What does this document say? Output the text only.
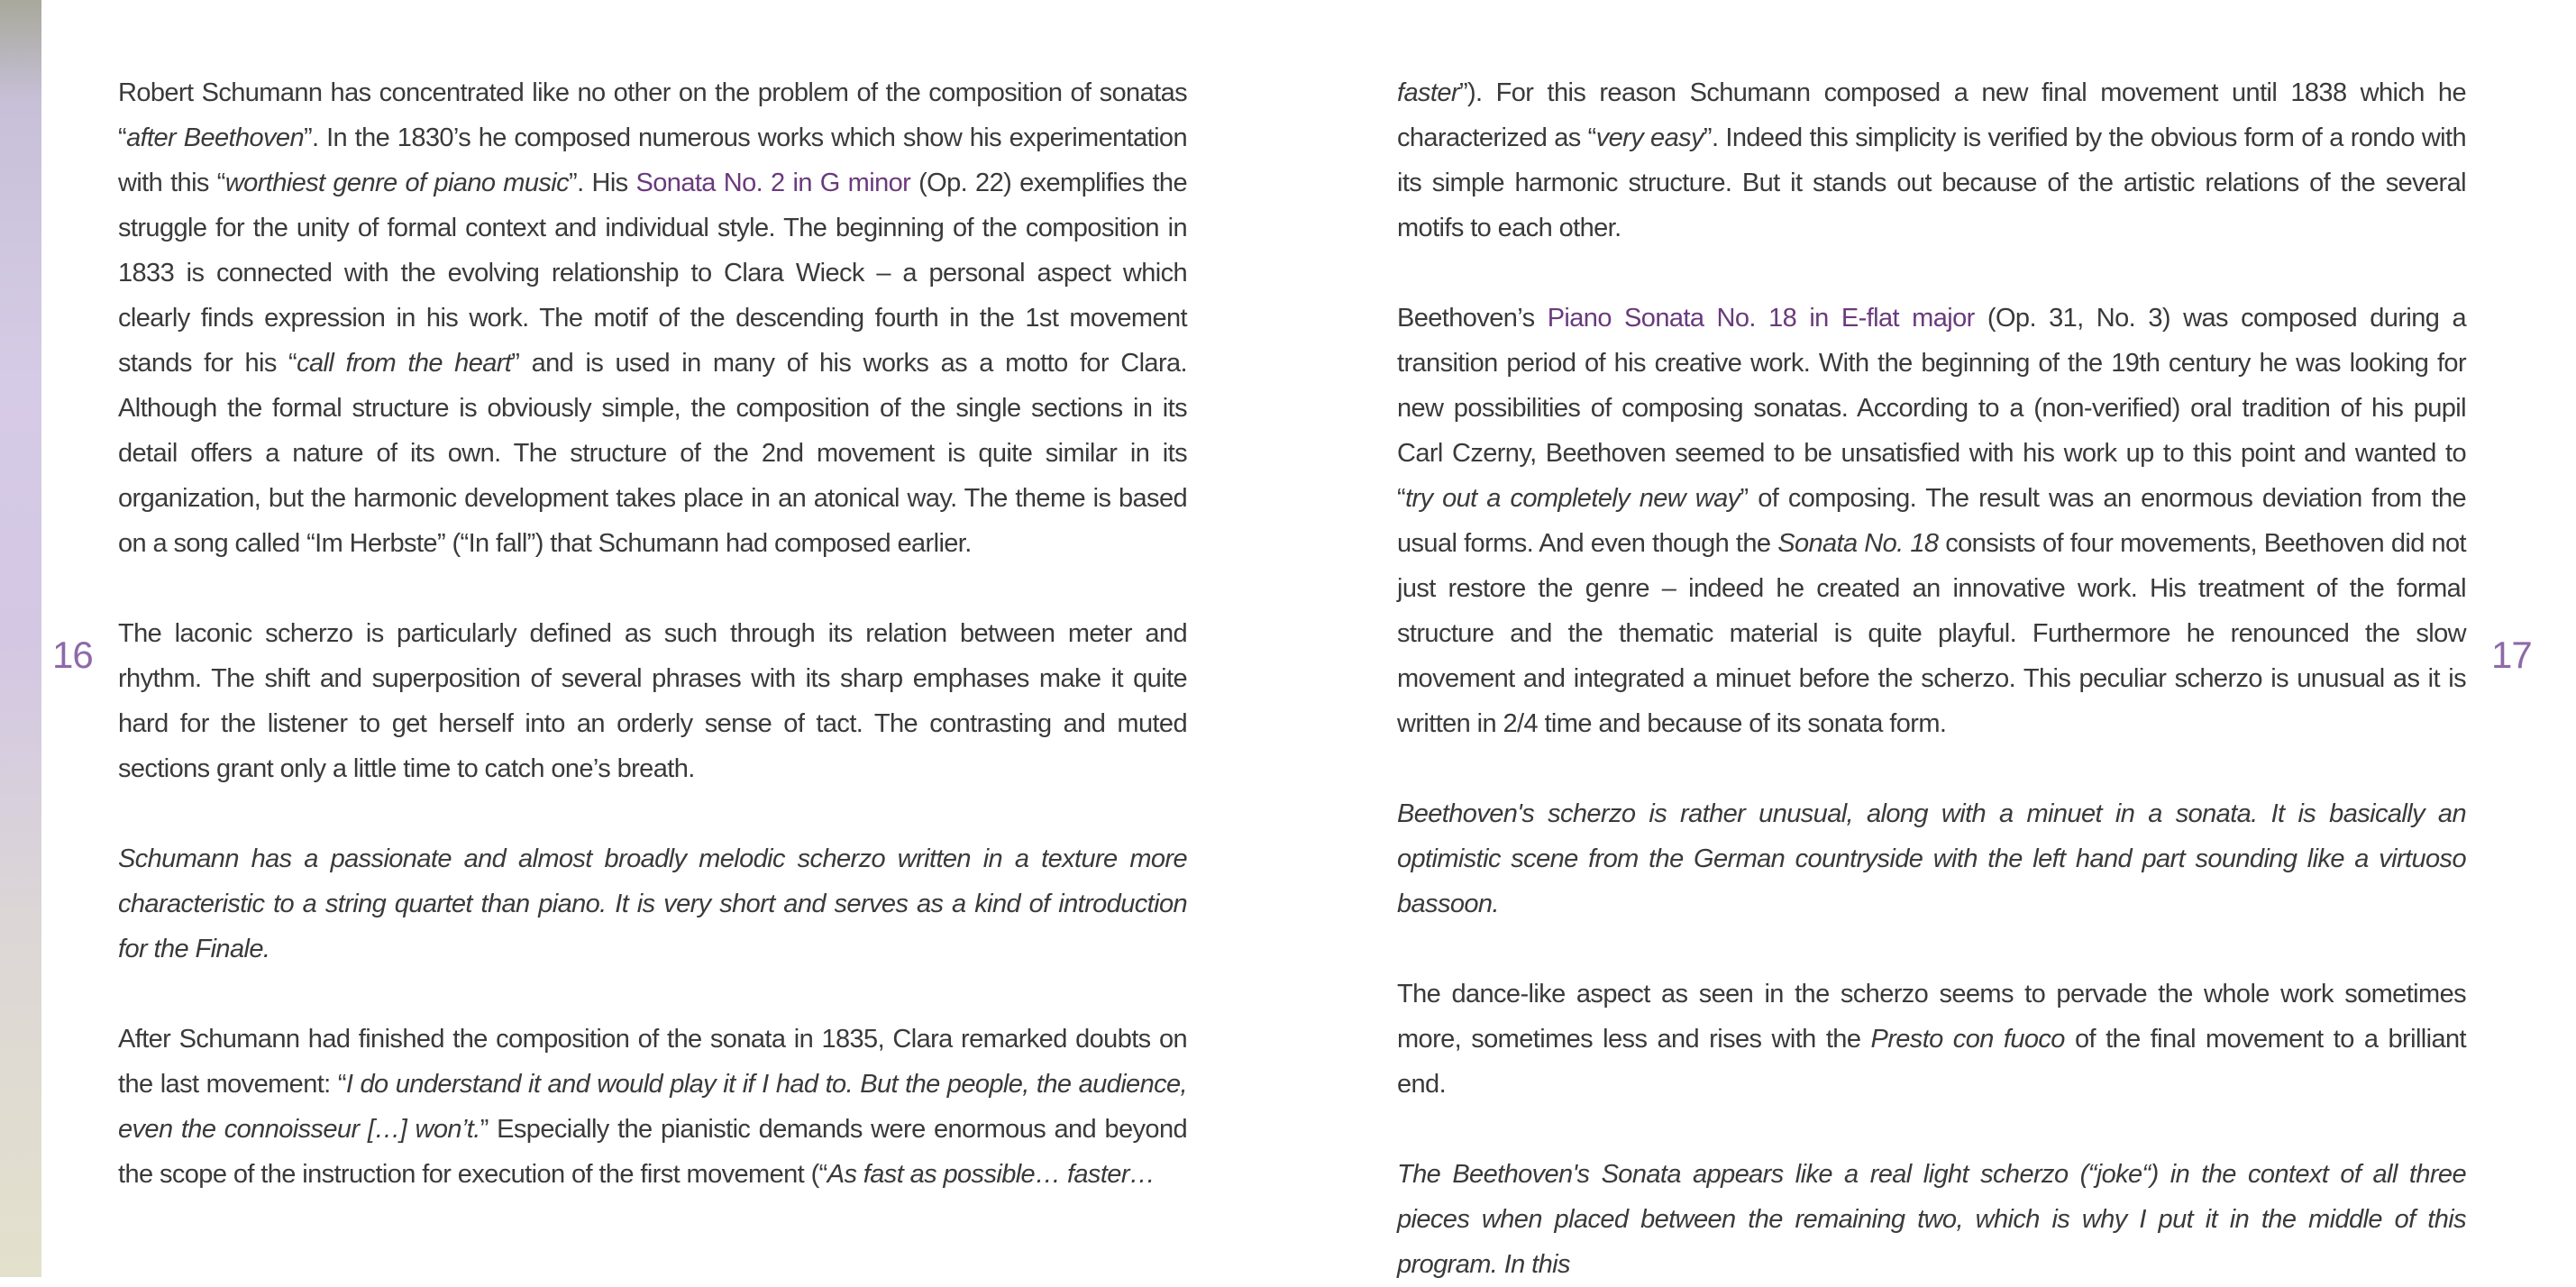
16	17

Robert Schumann has concentrated like no other on the problem of the composition of sonatas “after Beethoven”. In the 1830’s he composed numerous works which show his experimentation with this “worthiest genre of piano music”. His Sonata No. 2 in G minor (Op. 22) exemplifies the struggle for the unity of formal context and individual style. The beginning of the composition in 1833 is connected with the evolving relationship to Clara Wieck – a personal aspect which clearly finds expression in his work. The motif of the descending fourth in the 1st movement stands for his “call from the heart” and is used in many of his works as a motto for Clara. Although the formal structure is obviously simple, the composition of the single sections in its detail offers a nature of its own. The structure of the 2nd movement is quite similar in its organization, but the harmonic development takes place in an atonical way. The theme is based on a song called “Im Herbste” (“In fall”) that Schumann had composed earlier.

The laconic scherzo is particularly defined as such through its relation between meter and rhythm. The shift and superposition of several phrases with its sharp emphases make it quite hard for the listener to get herself into an orderly sense of tact. The contrasting and muted sections grant only a little time to catch one’s breath.

Schumann has a passionate and almost broadly melodic scherzo written in a texture more characteristic to a string quartet than piano. It is very short and serves as a kind of introduction for the Finale.

After Schumann had finished the composition of the sonata in 1835, Clara remarked doubts on the last movement: “I do understand it and would play it if I had to. But the people, the audience, even the connoisseur […] won’t.” Especially the pianistic demands were enormous and beyond the scope of the instruction for execution of the first movement (“As fast as possible… faster…

faster”). For this reason Schumann composed a new final movement until 1838 which he characterized as “very easy”. Indeed this simplicity is verified by the obvious form of a rondo with its simple harmonic structure. But it stands out because of the artistic relations of the several motifs to each other.

Beethoven’s Piano Sonata No. 18 in E-flat major (Op. 31, No. 3) was composed during a transition period of his creative work. With the beginning of the 19th century he was looking for new possibilities of composing sonatas. According to a (non-verified) oral tradition of his pupil Carl Czerny, Beethoven seemed to be unsatisfied with his work up to this point and wanted to “try out a completely new way” of composing. The result was an enormous deviation from the usual forms. And even though the Sonata No. 18 consists of four movements, Beethoven did not just restore the genre – indeed he created an innovative work. His treatment of the formal structure and the thematic material is quite playful. Furthermore he renounced the slow movement and integrated a minuet before the scherzo. This peculiar scherzo is unusual as it is written in 2/4 time and because of its sonata form.

Beethoven's scherzo is rather unusual, along with a minuet in a sonata. It is basically an optimistic scene from the German countryside with the left hand part sounding like a virtuoso bassoon.

The dance-like aspect as seen in the scherzo seems to pervade the whole work sometimes more, sometimes less and rises with the Presto con fuoco of the final movement to a brilliant end.

The Beethoven's Sonata appears like a real light scherzo (“joke“) in the context of all three pieces when placed between the remaining two, which is why I put it in the middle of this program. In this
